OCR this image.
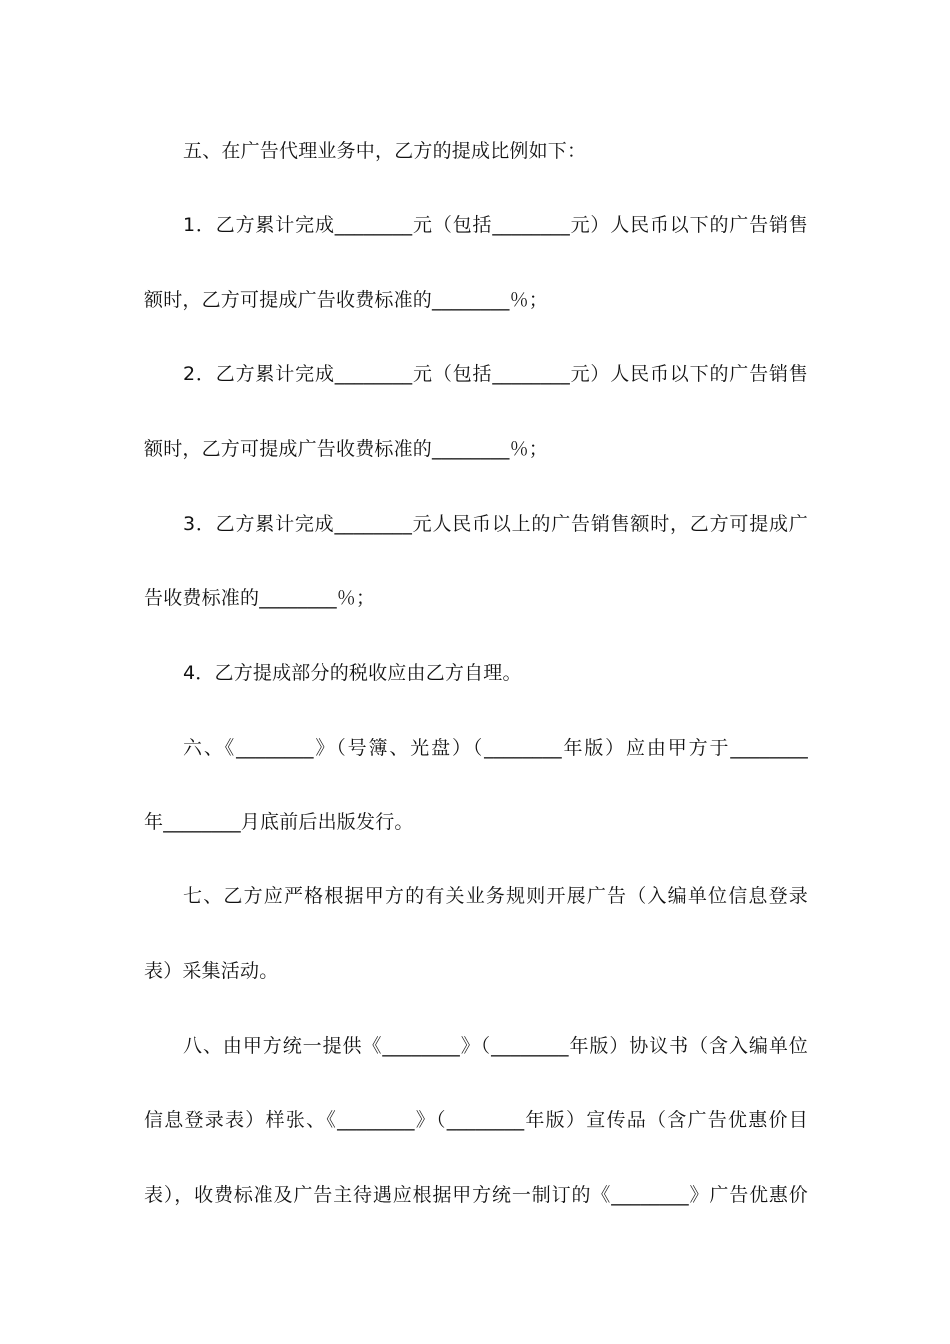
五、在广告代理业务中，乙方的提成比例如下：
1．乙方累计完成________元（包括________元）人民币以下的广告销售
额时，乙方可提成广告收费标准的________％；
2．乙方累计完成________元（包括________元）人民币以下的广告销售
额时，乙方可提成广告收费标准的________％；
3．乙方累计完成________元人民币以上的广告销售额时，乙方可提成广
告收费标准的________％；
4．乙方提成部分的税收应由乙方自理。
六、《________》（号簿、光盘）（________年版）应由甲方于________
年________月底前后出版发行。
七、乙方应严格根据甲方的有关业务规则开展广告（入编单位信息登录
表）采集活动。
八、由甲方统一提供《________》（________年版）协议书（含入编单位
信息登录表）样张、《________》（________年版）宣传品（含广告优惠价目
表），收费标准及广告主待遇应根据甲方统一制订的《________》广告优惠价
